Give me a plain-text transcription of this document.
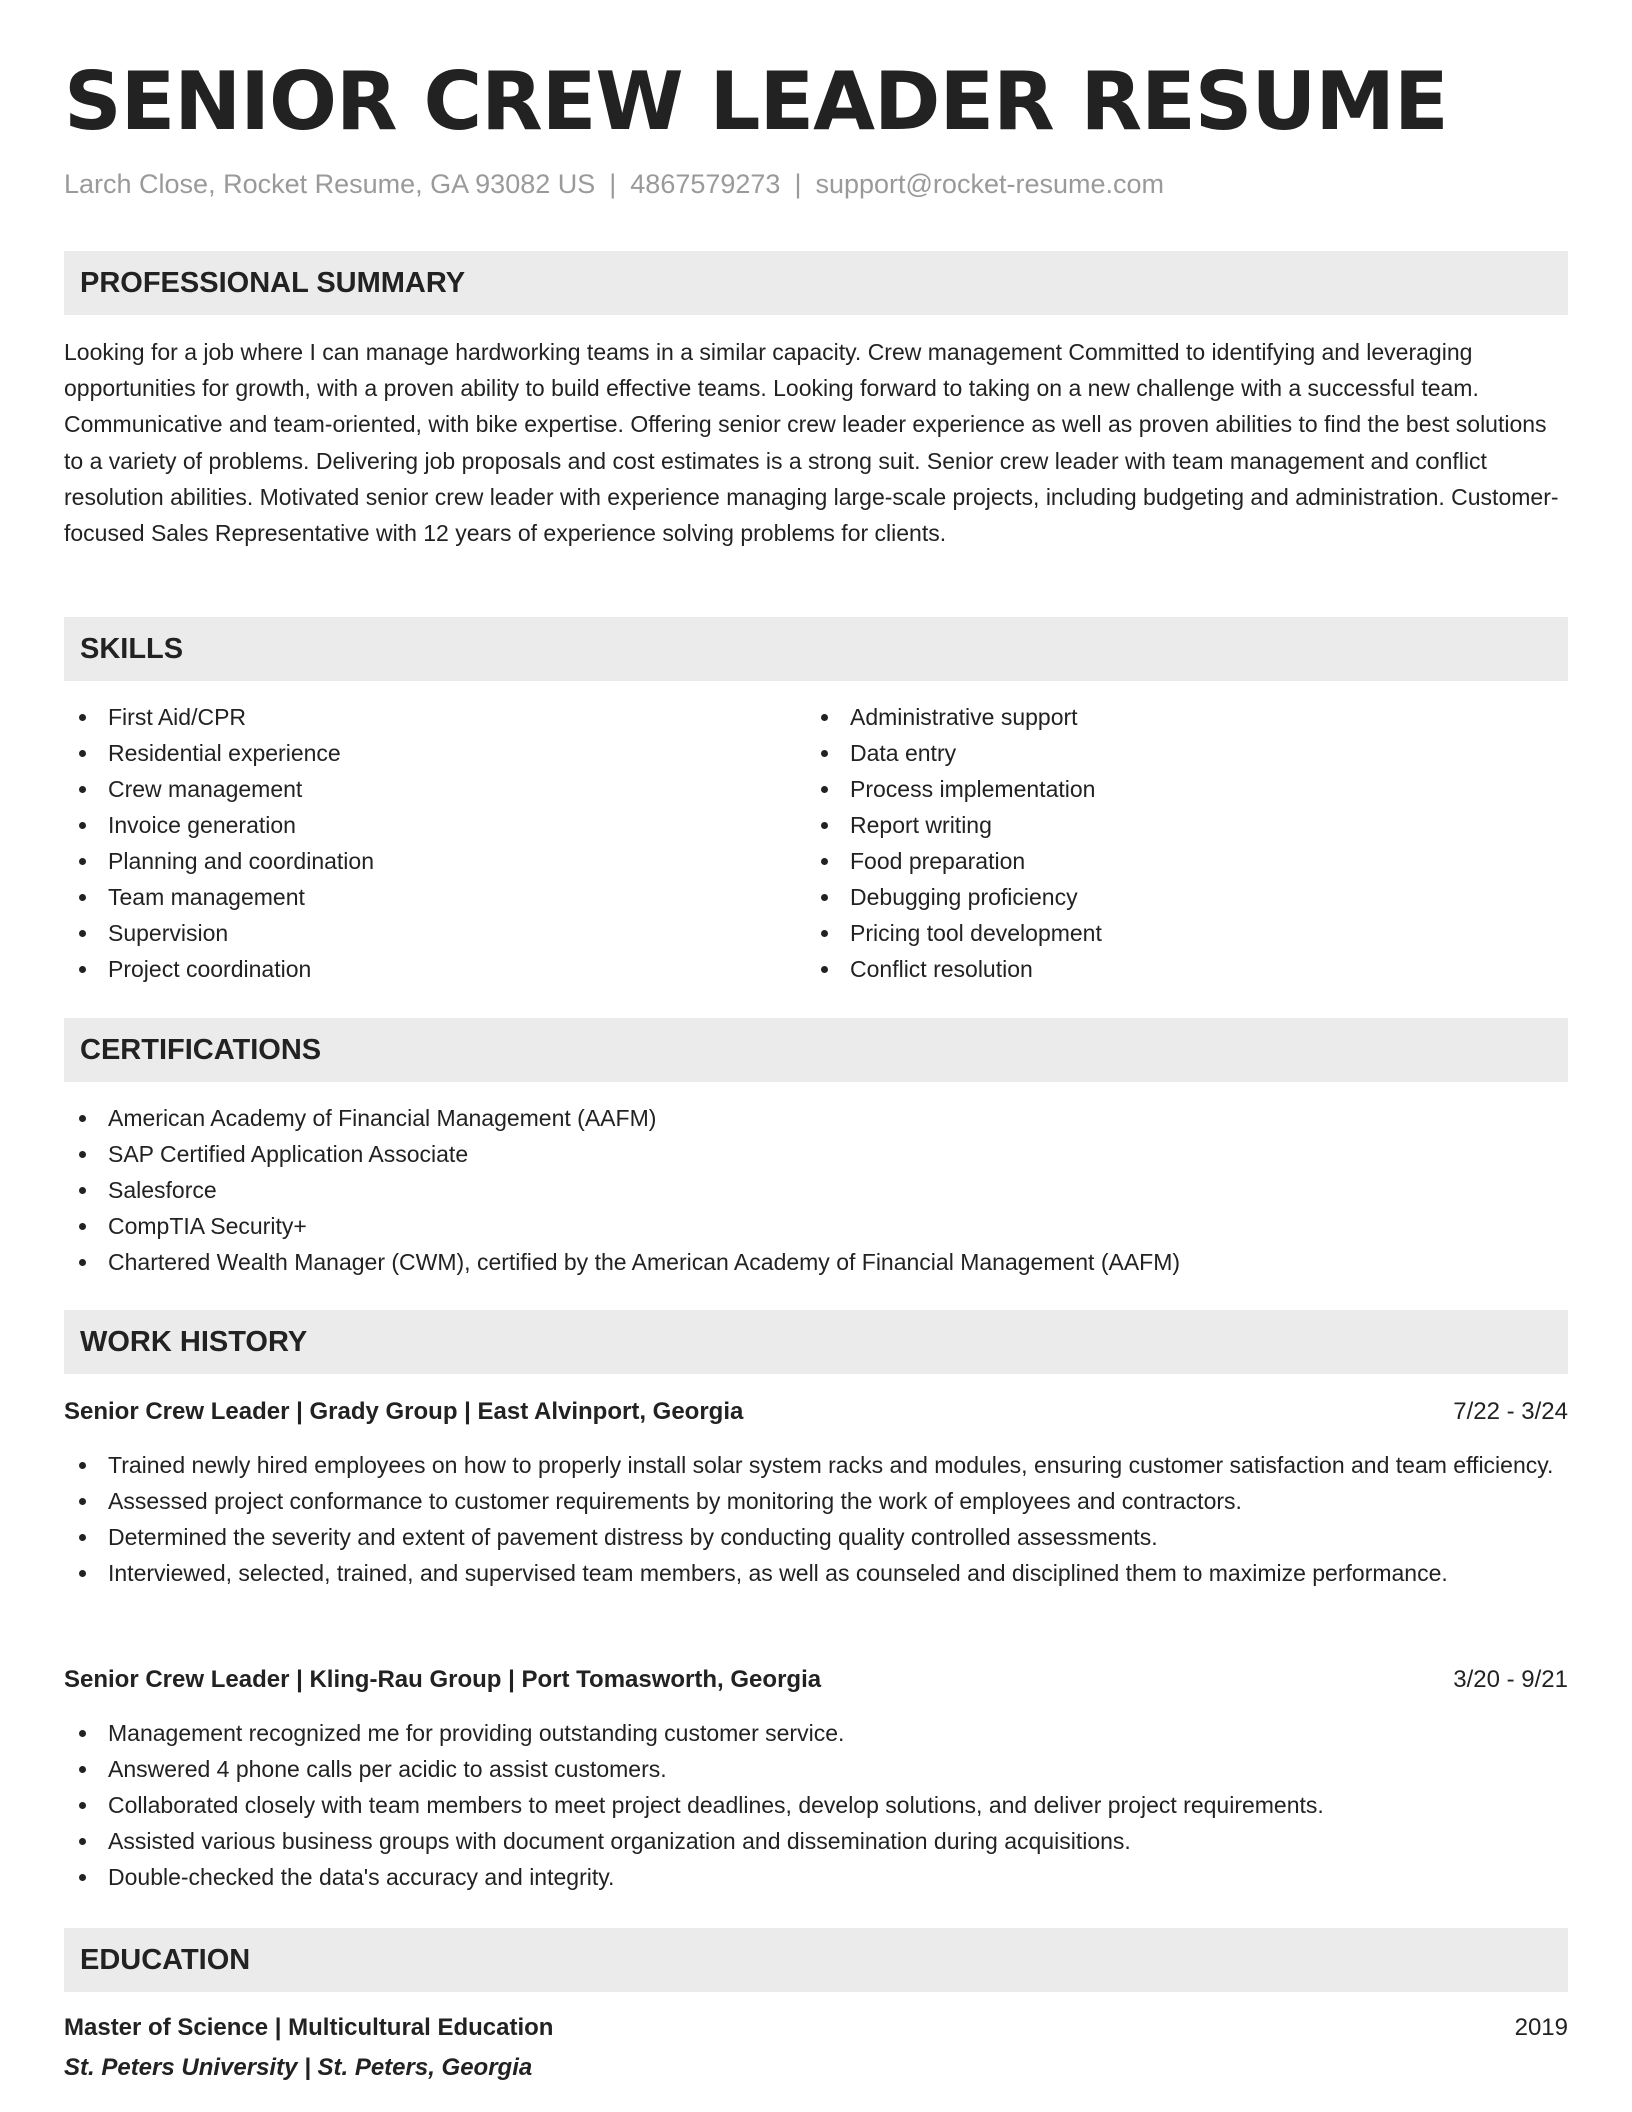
SENIOR CREW LEADER RESUME
Larch Close, Rocket Resume, GA 93082 US | 4867579273 | support@rocket-resume.com
PROFESSIONAL SUMMARY

Looking for a job where I can manage hardworking teams in a similar capacity. Crew management Committed to identifying and leveraging opportunities for growth, with a proven ability to build effective teams. Looking forward to taking on a new challenge with a successful team. Communicative and team-oriented, with bike expertise. Offering senior crew leader experience as well as proven abilities to find the best solutions to a variety of problems. Delivering job proposals and cost estimates is a strong suit. Senior crew leader with team management and conflict resolution abilities. Motivated senior crew leader with experience managing large-scale projects, including budgeting and administration. Customer-focused Sales Representative with 12 years of experience solving problems for clients.

SKILLS
First Aid/CPR
Residential experience
Crew management
Invoice generation
Planning and coordination
Team management
Supervision
Project coordination
Administrative support
Data entry
Process implementation
Report writing
Food preparation
Debugging proficiency
Pricing tool development
Conflict resolution
CERTIFICATIONS
American Academy of Financial Management (AAFM)
SAP Certified Application Associate
Salesforce
CompTIA Security+
Chartered Wealth Manager (CWM), certified by the American Academy of Financial Management (AAFM)
WORK HISTORY
Senior Crew Leader | Grady Group | East Alvinport, Georgia	7/22 - 3/24
Trained newly hired employees on how to properly install solar system racks and modules, ensuring customer satisfaction and team efficiency.
Assessed project conformance to customer requirements by monitoring the work of employees and contractors.
Determined the severity and extent of pavement distress by conducting quality controlled assessments.
Interviewed, selected, trained, and supervised team members, as well as counseled and disciplined them to maximize performance.
Senior Crew Leader | Kling-Rau Group | Port Tomasworth, Georgia	3/20 - 9/21
Management recognized me for providing outstanding customer service.
Answered 4 phone calls per acidic to assist customers.
Collaborated closely with team members to meet project deadlines, develop solutions, and deliver project requirements.
Assisted various business groups with document organization and dissemination during acquisitions.
Double-checked the data's accuracy and integrity.
EDUCATION
Master of Science | Multicultural Education	2019
St. Peters University | St. Peters, Georgia
